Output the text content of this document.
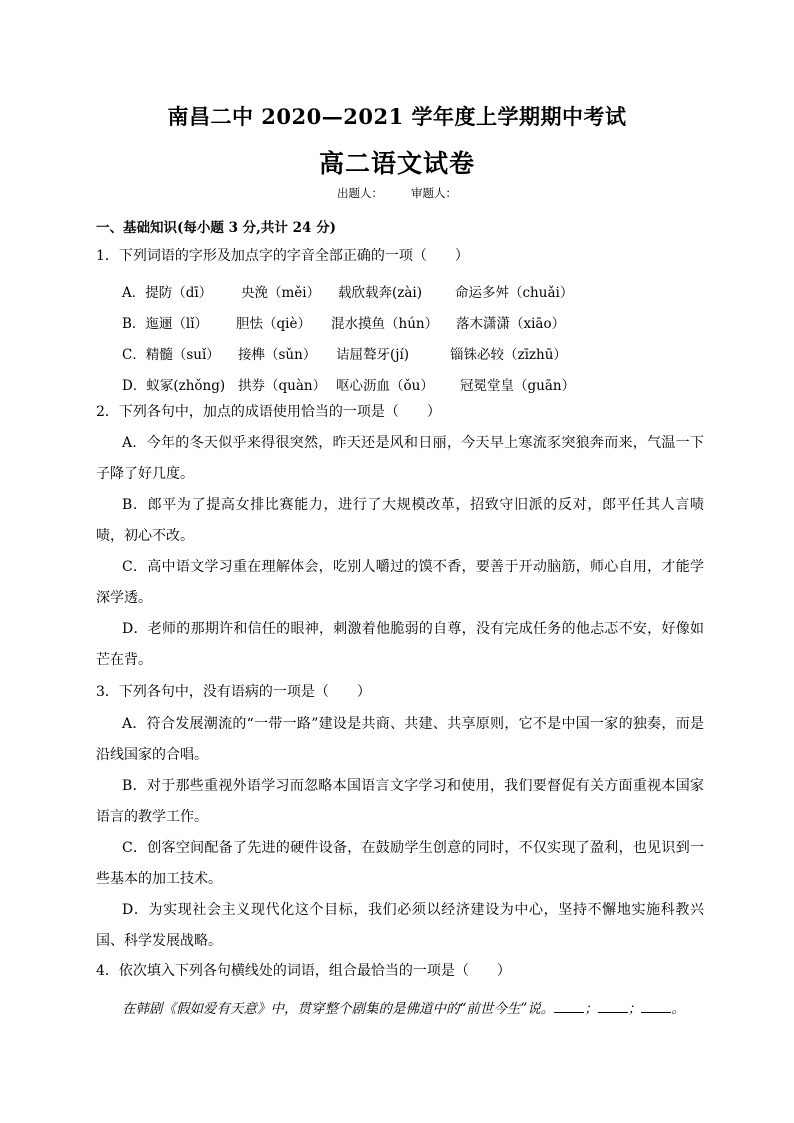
南昌二中 2020—2021 学年度上学期期中考试
高二语文试卷
出题人： 审题人：
一、基础知识(每小题 3 分,共计 24 分)
1．下列词语的字形及加点字的字音全部正确的一项（　　）
A．提防（dī） 央浼（měi） 载欣载奔(zài) 命运多舛（chuǎi）
B．迤逦（lǐ） 胆怯（qiè） 混水摸鱼（hún） 落木潇潇（xiāo）
C．精髓（suǐ） 接榫（sǔn） 诘屈聱牙(jí)	锱铢必较（zīzhū）
D．蚁冢(zhǒng) 拱券（quàn） 呕心沥血（ǒu） 冠冕堂皇（guān）
2．下列各句中，加点的成语使用恰当的一项是（　　）
A．今年的冬天似乎来得很突然，昨天还是风和日丽，今天早上寒流豕突狼奔而来，气温一下子降了好几度。
B．郎平为了提高女排比赛能力，进行了大规模改革，招致守旧派的反对，郎平任其人言啧啧，初心不改。
C．高中语文学习重在理解体会，吃别人嚼过的馍不香，要善于开动脑筋，师心自用，才能学深学透。
D．老师的那期许和信任的眼神，刺激着他脆弱的自尊，没有完成任务的他忐忑不安，好像如芒在背。
3．下列各句中，没有语病的一项是（　　）
A．符合发展潮流的“一带一路”建设是共商、共建、共享原则，它不是中国一家的独奏，而是沿线国家的合唱。
B．对于那些重视外语学习而忽略本国语言文字学习和使用，我们要督促有关方面重视本国家语言的教学工作。
C．创客空间配备了先进的硬件设备，在鼓励学生创意的同时，不仅实现了盈利，也见识到一些基本的加工技术。
D．为实现社会主义现代化这个目标，我们必须以经济建设为中心，坚持不懈地实施科教兴国、科学发展战略。
4．依次填入下列各句横线处的词语，组合最恰当的一项是（　　）
在韩剧《假如爱有天意》中，贯穿整个剧集的是佛道中的“前世今生”说。 ； ； 。
